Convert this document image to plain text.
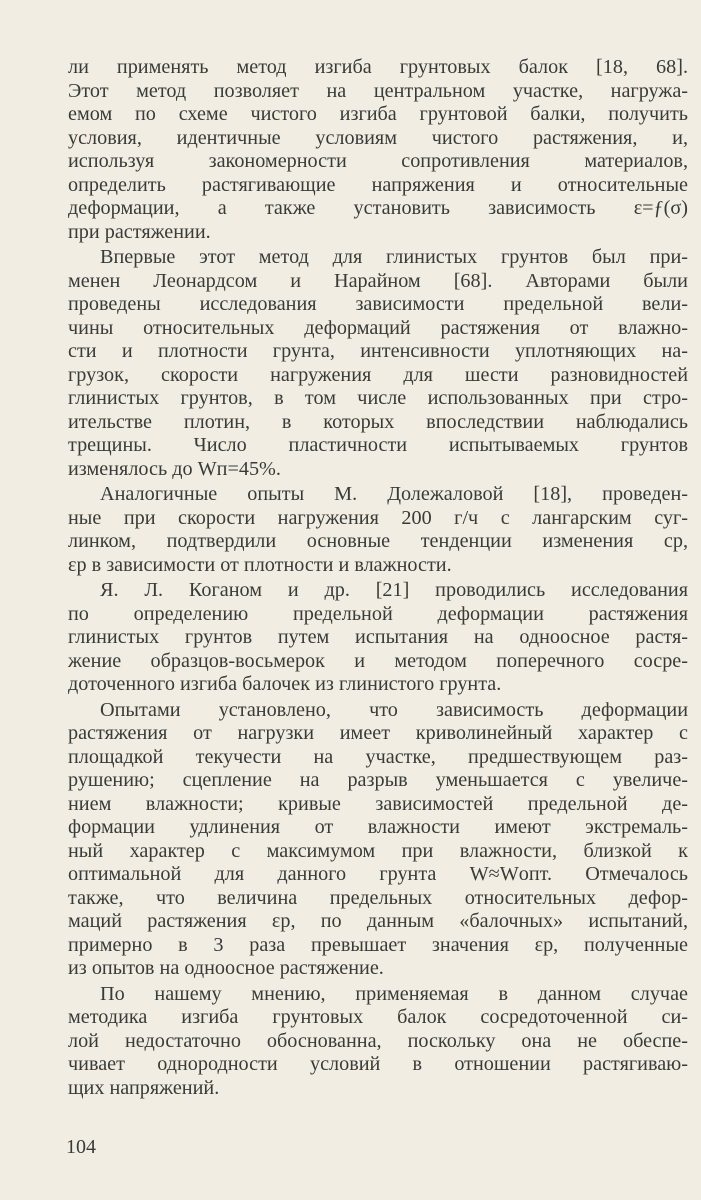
ли применять метод изгиба грунтовых балок [18, 68].
Этот метод позволяет на центральном участке, нагружа-
емом по схеме чистого изгиба грунтовой балки, получить
условия, идентичные условиям чистого растяжения, и,
используя закономерности сопротивления материалов,
определить растягивающие напряжения и относительные
деформации, а также установить зависимость ε=ƒ(σ)
при растяжении.
Впервые этот метод для глинистых грунтов был при-
менен Леонардсом и Нарайном [68]. Авторами были
проведены исследования зависимости предельной вели-
чины относительных деформаций растяжения от влажно-
сти и плотности грунта, интенсивности уплотняющих на-
грузок, скорости нагружения для шести разновидностей
глинистых грунтов, в том числе использованных при стро-
ительстве плотин, в которых впоследствии наблюдались
трещины. Число пластичности испытываемых грунтов
изменялось до Wп=45%.
Аналогичные опыты М. Долежаловой [18], проведен-
ные при скорости нагружения 200 г/ч с лангарским суг-
линком, подтвердили основные тенденции изменения cр,
εр в зависимости от плотности и влажности.
Я. Л. Коганом и др. [21] проводились исследования
по определению предельной деформации растяжения
глинистых грунтов путем испытания на одноосное растя-
жение образцов-восьмерок и методом поперечного сосре-
доточенного изгиба балочек из глинистого грунта.
Опытами установлено, что зависимость деформации
растяжения от нагрузки имеет криволинейный характер с
площадкой текучести на участке, предшествующем раз-
рушению; сцепление на разрыв уменьшается с увеличе-
нием влажности; кривые зависимостей предельной де-
формации удлинения от влажности имеют экстремаль-
ный характер с максимумом при влажности, близкой к
оптимальной для данного грунта W≈Wопт. Отмечалось
также, что величина предельных относительных дефор-
маций растяжения εр, по данным «балочных» испытаний,
примерно в 3 раза превышает значения εр, полученные
из опытов на одноосное растяжение.
По нашему мнению, применяемая в данном случае
методика изгиба грунтовых балок сосредоточенной си-
лой недостаточно обоснованна, поскольку она не обеспе-
чивает однородности условий в отношении растягиваю-
щих напряжений.
104
